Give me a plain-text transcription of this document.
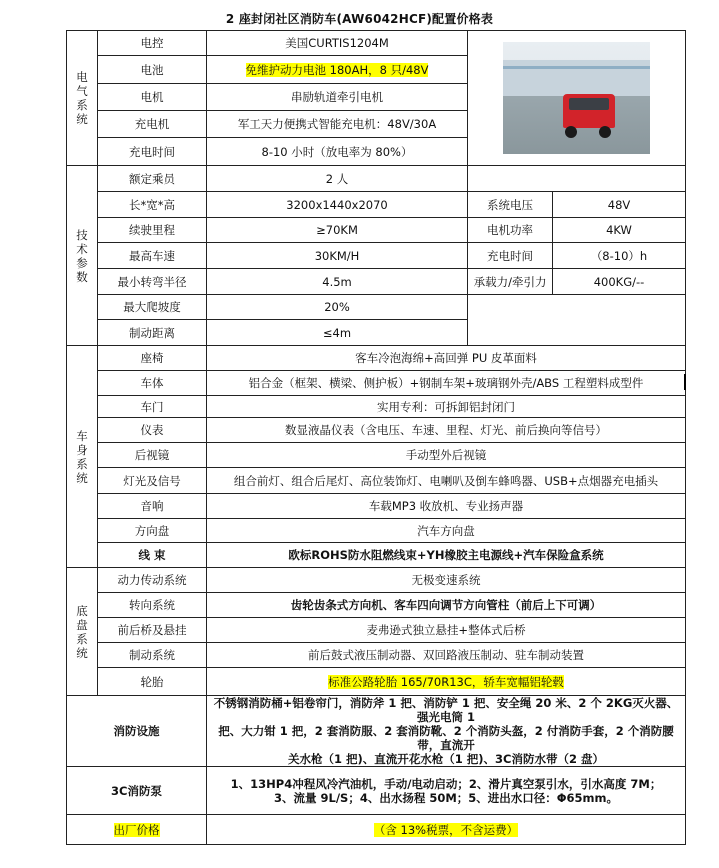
2 座封闭社区消防车(AW6042HCF)配置价格表
电
气
系
统	电控	美国CURTIS1204M		

	电池	免维护动力电池 180AH，8 只/48V		
	电机	串励轨道牵引电机		
	充电机	军工天力便携式智能充电机：48V/30A		
	充电时间	8-10 小时（放电率为 80%）		

技
术
参
数	额定乘员	2 人		
	长*宽*高	3200x1440x2070	系统电压	48V
	续驶里程	≥70KM	电机功率	4KW
	最高车速	30KM/H	充电时间	（8-10）h
	最小转弯半径	4.5m	承载力/牵引力	400KG/--
	最大爬坡度	20%		
	制动距离	≤4m		

车
身
系
统	座椅	客车冷泡海绵+高回弹 PU 皮革面料		
	车体	铝合金（框架、横梁、侧护板）+钢制车架+玻璃钢外壳/ABS 工程塑料成型件		
	车门	实用专利：可拆卸铝封闭门		
	仪表	数显液晶仪表（含电压、车速、里程、灯光、前后换向等信号）		
	后视镜	手动型外后视镜		
	灯光及信号	组合前灯、组合后尾灯、高位装饰灯、电喇叭及倒车蜂鸣器、USB+点烟器充电插头		
	音响	车载MP3 收放机、专业扬声器		
	方向盘	汽车方向盘		
	线 束	欧标ROHS防水阻燃线束+YH橡胶主电源线+汽车保险盒系统		

底
盘
系
统	动力传动系统	无极变速系统		
	转向系统	齿轮齿条式方向机、客车四向调节方向管柱（前后上下可调）		
	前后桥及悬挂	麦弗逊式独立悬挂+整体式后桥		
	制动系统	前后鼓式液压制动器、双回路液压制动、驻车制动装置		
	轮胎	标准公路轮胎 165/70R13C，轿车宽幅铝轮毂		
消防设施		不锈钢消防桶+铝卷帘门，消防斧 1 把、消防铲 1 把、安全绳 20 米、2 个 2KG灭火器、强光电筒 1
把、大力钳 1 把，2 套消防服、2 套消防靴、2 个消防头盔，2 付消防手套，2 个消防腰带，直流开
关水枪（1 把)、直流开花水枪（1 把)、3C消防水带（2 盘）		

3C消防泵		1、13HP4冲程风冷汽油机，手动/电动启动；2、滑片真空泵引水，引水高度 7M；
3、流量 9L/S；4、出水扬程 50M；5、进出水口径：Φ65mm。		

出厂价格		（含 13%税票，不含运费）		
